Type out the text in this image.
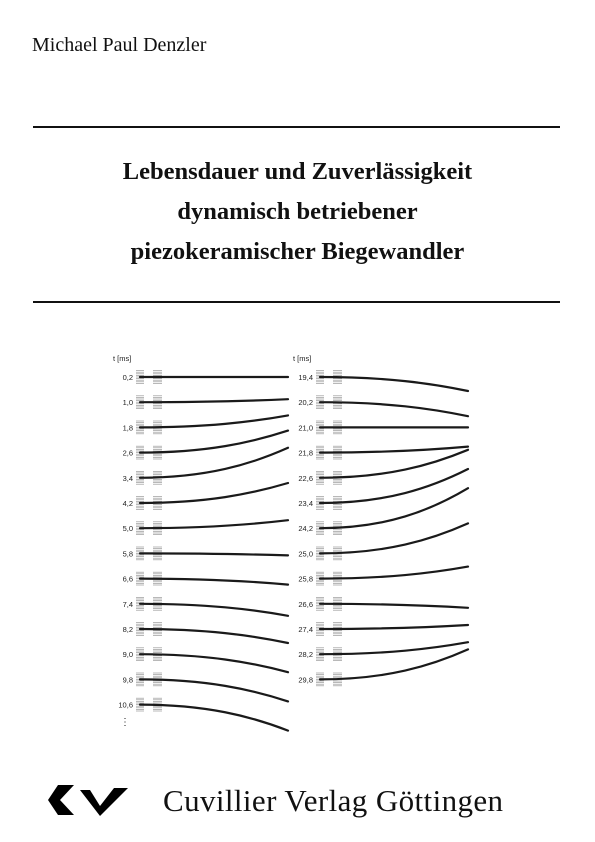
Michael Paul Denzler
Lebensdauer und Zuverlässigkeit
dynamisch betriebener
piezokeramischer Biegewandler
t [ms]
0,2
1,0
1,8
2,6
3,4
4,2
5,0
5,8
6,6
7,4
8,2
9,0
9,8
10,6
t [ms]
19,4
20,2
21,0
21,8
22,6
23,4
24,2
25,0
25,8
26,6
27,4
28,2
29,8
⋮
Cuvillier Verlag Göttingen
